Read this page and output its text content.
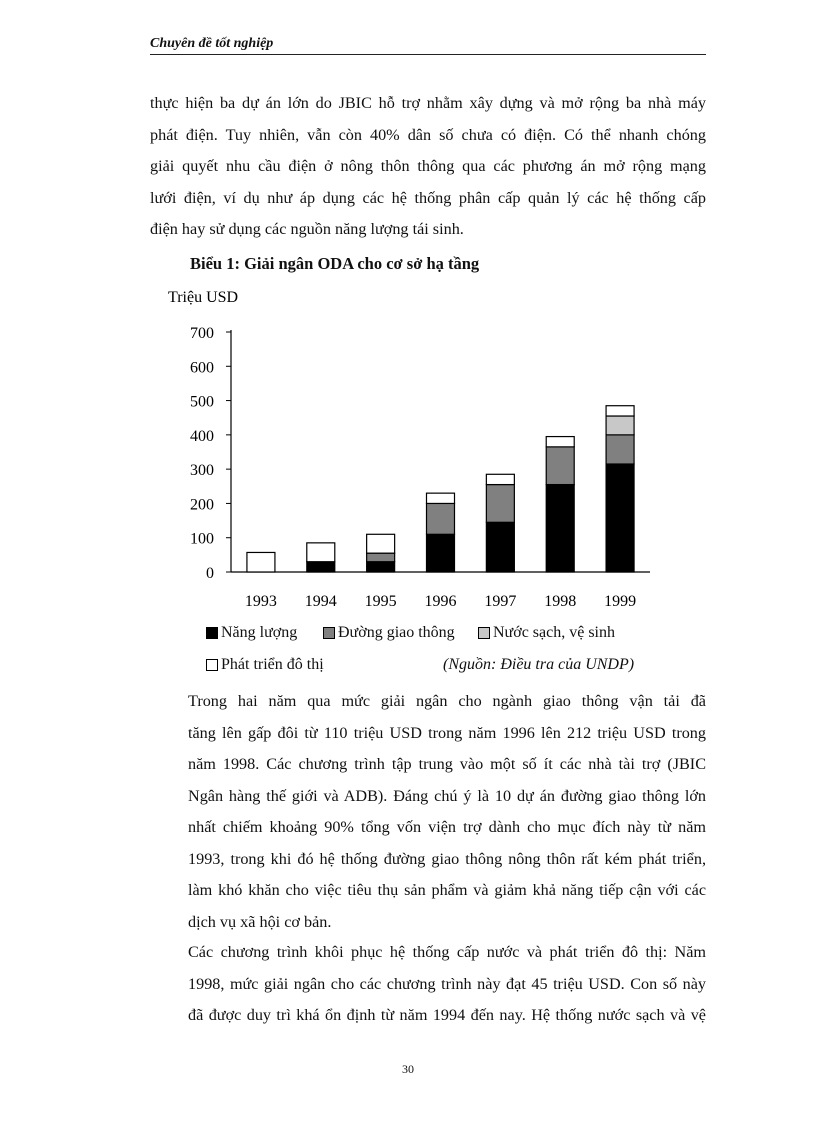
Chuyên đề tốt nghiệp
thực hiện ba dự án lớn do JBIC hỗ trợ nhằm xây dựng và mở rộng ba nhà máy
phát điện. Tuy nhiên, vẫn còn 40% dân số chưa có điện. Có thể nhanh chóng
giải quyết nhu cầu điện ở nông thôn thông qua các phương án mở rộng mạng
lưới điện, ví dụ như áp dụng các hệ thống phân cấp quản lý các hệ thống cấp
điện hay sử dụng các nguồn năng lượng tái sinh.
Biểu 1: Giải ngân ODA cho cơ sở hạ tầng
Triệu USD
0
100
200
300
400
500
600
700
1993 1994 1995 1996 1997 1998 1999
Năng lượng	Đường giao thông Nước sạch, vệ sinh
Phát triển đô thị	(Nguồn: Điều tra của UNDP)
Trong hai năm qua mức giải ngân cho ngành giao thông vận tải đã
tăng lên gấp đôi từ 110 triệu USD trong năm 1996 lên 212 triệu USD trong
năm 1998. Các chương trình tập trung vào một số ít các nhà tài trợ (JBIC
Ngân hàng thế giới và ADB). Đáng chú ý là 10 dự án đường giao thông lớn
nhất chiếm khoảng 90% tổng vốn viện trợ dành cho mục đích này từ năm
1993, trong khi đó hệ thống đường giao thông nông thôn rất kém phát triển,
làm khó khăn cho việc tiêu thụ sản phẩm và giảm khả năng tiếp cận với các
dịch vụ xã hội cơ bản.
Các chương trình khôi phục hệ thống cấp nước và phát triển đô thị: Năm
1998, mức giải ngân cho các chương trình này đạt 45 triệu USD. Con số này
đã được duy trì khá ổn định từ năm 1994 đến nay. Hệ thống nước sạch và vệ
30
